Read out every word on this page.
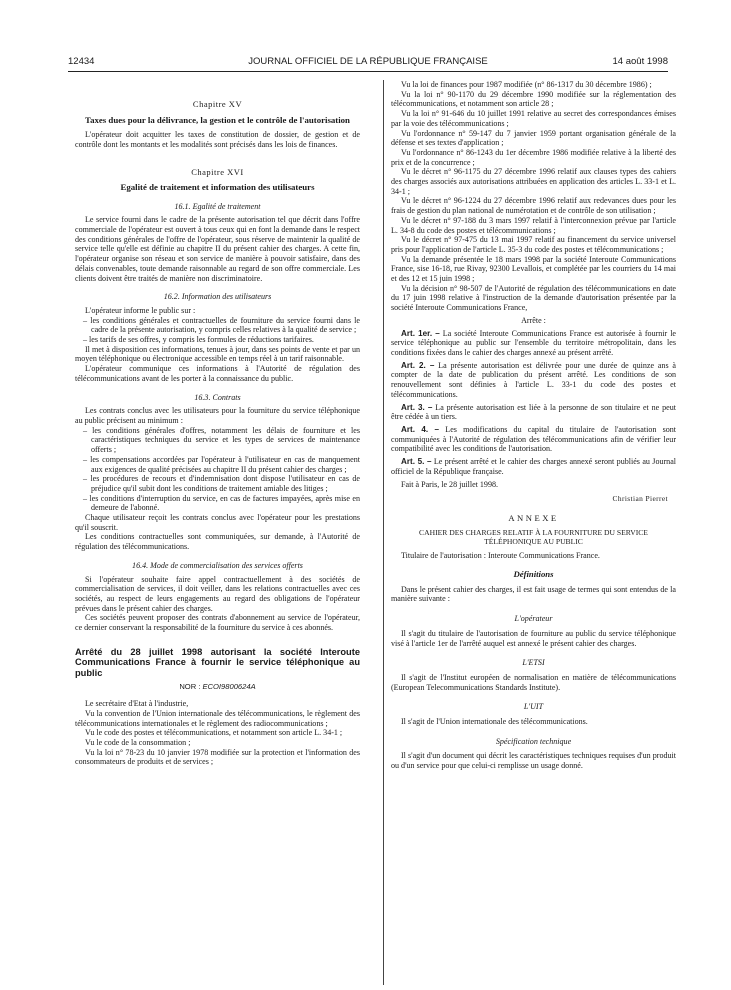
12434	JOURNAL OFFICIEL DE LA RÉPUBLIQUE FRANÇAISE	14 août 1998

Chapitre XV

Taxes dues pour la délivrance, la gestion et le contrôle de l'autorisation

L'opérateur doit acquitter les taxes de constitution de dossier, de gestion et de contrôle dont les montants et les modalités sont précisés dans les lois de finances.

Chapitre XVI

Egalité de traitement et information des utilisateurs

16.1. Egalité de traitement

Le service fourni dans le cadre de la présente autorisation tel que décrit dans l'offre commerciale de l'opérateur est ouvert à tous ceux qui en font la demande dans le respect des conditions générales de l'offre de l'opérateur, sous réserve de maintenir la qualité de service telle qu'elle est définie au chapitre II du présent cahier des charges. A cette fin, l'opérateur organise son réseau et son service de manière à pouvoir satisfaire, dans des délais convenables, toute demande raisonnable au regard de son offre commerciale. Les clients doivent être traités de manière non discriminatoire.

16.2. Information des utilisateurs

L'opérateur informe le public sur :

– les conditions générales et contractuelles de fourniture du service fourni dans le cadre de la présente autorisation, y compris celles relatives à la qualité de service ;
– les tarifs de ses offres, y compris les formules de réductions tarifaires.

Il met à disposition ces informations, tenues à jour, dans ses points de vente et par un moyen téléphonique ou électronique accessible en temps réel à un tarif raisonnable.

L'opérateur communique ces informations à l'Autorité de régulation des télécommunications avant de les porter à la connaissance du public.

16.3. Contrats

Les contrats conclus avec les utilisateurs pour la fourniture du service téléphonique au public précisent au minimum :

– les conditions générales d'offres, notamment les délais de fourniture et les caractéristiques techniques du service et les types de services de maintenance offerts ;
– les compensations accordées par l'opérateur à l'utilisateur en cas de manquement aux exigences de qualité précisées au chapitre II du présent cahier des charges ;
– les procédures de recours et d'indemnisation dont dispose l'utilisateur en cas de préjudice qu'il subit dont les conditions de traitement amiable des litiges ;
– les conditions d'interruption du service, en cas de factures impayées, après mise en demeure de l'abonné.

Chaque utilisateur reçoit les contrats conclus avec l'opérateur pour les prestations qu'il souscrit.

Les conditions contractuelles sont communiquées, sur demande, à l'Autorité de régulation des télécommunications.

16.4. Mode de commercialisation des services offerts

Si l'opérateur souhaite faire appel contractuellement à des sociétés de commercialisation de services, il doit veiller, dans les relations contractuelles avec ces sociétés, au respect de leurs engagements au regard des obligations de l'opérateur prévues dans le présent cahier des charges.

Ces sociétés peuvent proposer des contrats d'abonnement au service de l'opérateur, ce dernier conservant la responsabilité de la fourniture du service à ces abonnés.

Arrêté du 28 juillet 1998 autorisant la société Interoute Communications France à fournir le service téléphonique au public

NOR : ECOI9800624A

Le secrétaire d'Etat à l'industrie,

Vu la convention de l'Union internationale des télécommunications, le règlement des télécommunications internationales et le règlement des radiocommunications ;

Vu le code des postes et télécommunications, et notamment son article L. 34-1 ;

Vu le code de la consommation ;

Vu la loi n° 78-23 du 10 janvier 1978 modifiée sur la protection et l'information des consommateurs de produits et de services ;

Vu la loi de finances pour 1987 modifiée (n° 86-1317 du 30 décembre 1986) ;

Vu la loi n° 90-1170 du 29 décembre 1990 modifiée sur la réglementation des télécommunications, et notamment son article 28 ;

Vu la loi n° 91-646 du 10 juillet 1991 relative au secret des correspondances émises par la voie des télécommunications ;

Vu l'ordonnance n° 59-147 du 7 janvier 1959 portant organisation générale de la défense et ses textes d'application ;

Vu l'ordonnance n° 86-1243 du 1er décembre 1986 modifiée relative à la liberté des prix et de la concurrence ;

Vu le décret n° 96-1175 du 27 décembre 1996 relatif aux clauses types des cahiers des charges associés aux autorisations attribuées en application des articles L. 33-1 et L. 34-1 ;

Vu le décret n° 96-1224 du 27 décembre 1996 relatif aux redevances dues pour les frais de gestion du plan national de numérotation et de contrôle de son utilisation ;

Vu le décret n° 97-188 du 3 mars 1997 relatif à l'interconnexion prévue par l'article L. 34-8 du code des postes et télécommunications ;

Vu le décret n° 97-475 du 13 mai 1997 relatif au financement du service universel pris pour l'application de l'article L. 35-3 du code des postes et télécommunications ;

Vu la demande présentée le 18 mars 1998 par la société Interoute Communications France, sise 16-18, rue Rivay, 92300 Levallois, et complétée par les courriers du 14 mai et des 12 et 15 juin 1998 ;

Vu la décision n° 98-507 de l'Autorité de régulation des télécommunications en date du 17 juin 1998 relative à l'instruction de la demande d'autorisation présentée par la société Interoute Communications France,

Arrête :

Art. 1er. – La société Interoute Communications France est autorisée à fournir le service téléphonique au public sur l'ensemble du territoire métropolitain, dans les conditions fixées dans le cahier des charges annexé au présent arrêté.

Art. 2. – La présente autorisation est délivrée pour une durée de quinze ans à compter de la date de publication du présent arrêté. Les conditions de son renouvellement sont définies à l'article L. 33-1 du code des postes et télécommunications.

Art. 3. – La présente autorisation est liée à la personne de son titulaire et ne peut être cédée à un tiers.

Art. 4. – Les modifications du capital du titulaire de l'autorisation sont communiquées à l'Autorité de régulation des télécommunications afin de vérifier leur compatibilité avec les conditions de l'autorisation.

Art. 5. – Le présent arrêté et le cahier des charges annexé seront publiés au Journal officiel de la République française.

Fait à Paris, le 28 juillet 1998.

Christian Pierret

ANNEXE

CAHIER DES CHARGES RELATIF À LA FOURNITURE DU SERVICE TÉLÉPHONIQUE AU PUBLIC

Titulaire de l'autorisation : Interoute Communications France.

Définitions

Dans le présent cahier des charges, il est fait usage de termes qui sont entendus de la manière suivante :

L'opérateur

Il s'agit du titulaire de l'autorisation de fourniture au public du service téléphonique visé à l'article 1er de l'arrêté auquel est annexé le présent cahier des charges.

L'ETSI

Il s'agit de l'Institut européen de normalisation en matière de télécommunications (European Telecommunications Standards Institute).

L'UIT

Il s'agit de l'Union internationale des télécommunications.

Spécification technique

Il s'agit d'un document qui décrit les caractéristiques techniques requises d'un produit ou d'un service pour que celui-ci remplisse un usage donné.
